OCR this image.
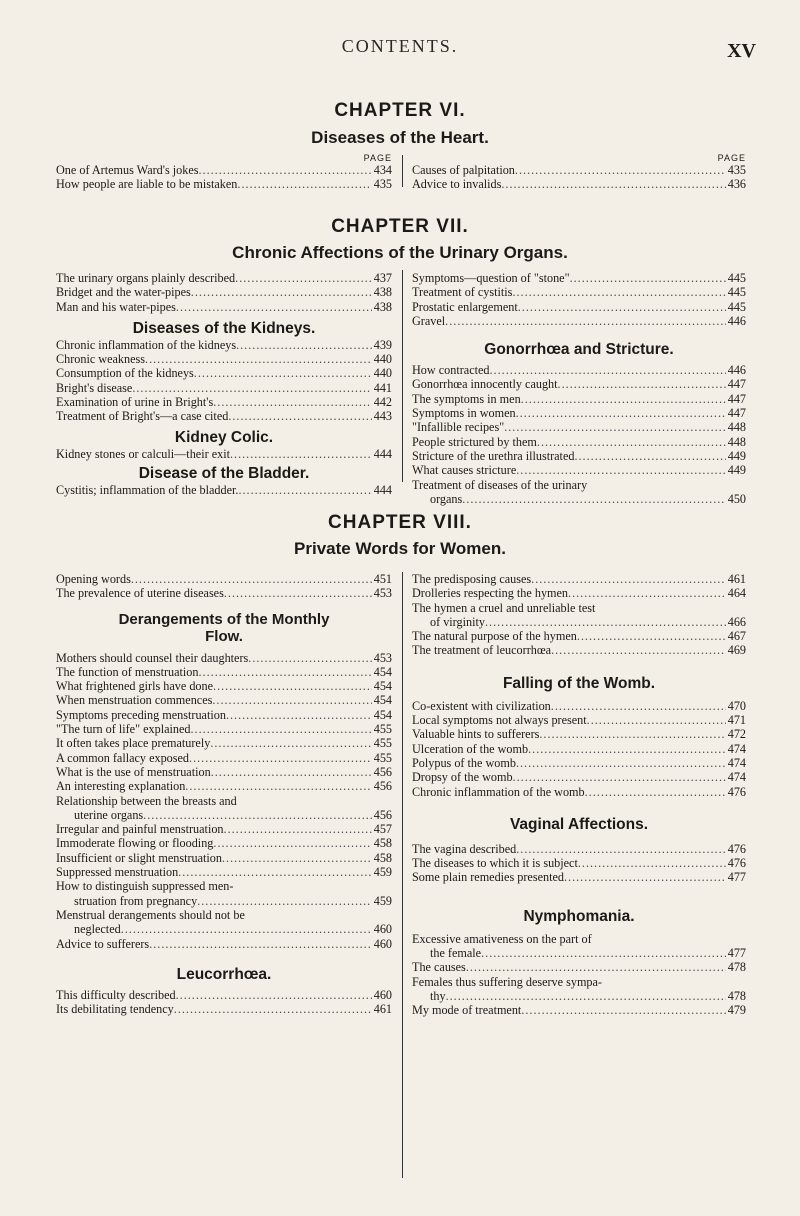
CONTENTS.	XV
CHAPTER VI.
Diseases of the Heart.
PAGE
One of Artemus Ward's jokes .....	434
How people are liable to be mistaken .....	435
PAGE
Causes of palpitation .....	435
Advice to invalids .....	436
CHAPTER VII.
Chronic Affections of the Urinary Organs.
The urinary organs plainly described .....	437
Bridget and the water-pipes .....	438
Man and his water-pipes .....	438
Diseases of the Kidneys.
Chronic inflammation of the kidneys .....	439
Chronic weakness .....	440
Consumption of the kidneys .....	440
Bright's disease .....	441
Examination of urine in Bright's .....	442
Treatment of Bright's—a case cited .....	443
Kidney Colic.
Kidney stones or calculi—their exit .....	444
Disease of the Bladder.
Cystitis; inflammation of the bladder. .....	444
Symptoms—question of "stone" .....	445
Treatment of cystitis .....	445
Prostatic enlargement .....	445
Gravel .....	446
Gonorrhœa and Stricture.
How contracted .....	446
Gonorrhœa innocently caught .....	447
The symptoms in men .....	447
Symptoms in women .....	447
"Infallible recipes" .....	448
People strictured by them .....	448
Stricture of the urethra illustrated .....	449
What causes stricture .....	449
Treatment of diseases of the urinary
organs .....	450
CHAPTER VIII.
Private Words for Women.
Opening words .....	451
The prevalence of uterine diseases .....	453
Derangements of the Monthly
Flow.
Mothers should counsel their daughters .....	453
The function of menstruation .....	454
What frightened girls have done .....	454
When menstruation commences .....	454
Symptoms preceding menstruation .....	454
"The turn of life" explained .....	455
It often takes place prematurely .....	455
A common fallacy exposed .....	455
What is the use of menstruation .....	456
An interesting explanation .....	456
Relationship between the breasts and
uterine organs .....	456
Irregular and painful menstruation .....	457
Immoderate flowing or flooding .....	458
Insufficient or slight menstruation .....	458
Suppressed menstruation .....	459
How to distinguish suppressed men-
struation from pregnancy .....	459
Menstrual derangements should not be
neglected .....	460
Advice to sufferers .....	460
Leucorrhœa.
This difficulty described .....	460
Its debilitating tendency .....	461
The predisposing causes .....	461
Drolleries respecting the hymen .....	464
The hymen a cruel and unreliable test
of virginity .....	466
The natural purpose of the hymen .....	467
The treatment of leucorrhœa .....	469
Falling of the Womb.
Co-existent with civilization .....	470
Local symptoms not always present .....	471
Valuable hints to sufferers .....	472
Ulceration of the womb .....	474
Polypus of the womb .....	474
Dropsy of the womb .....	474
Chronic inflammation of the womb .....	476
Vaginal Affections.
The vagina described .....	476
The diseases to which it is subject .....	476
Some plain remedies presented .....	477
Nymphomania.
Excessive amativeness on the part of
the female .....	477
The causes .....	478
Females thus suffering deserve sympa-
thy .....	478
My mode of treatment .....	479
